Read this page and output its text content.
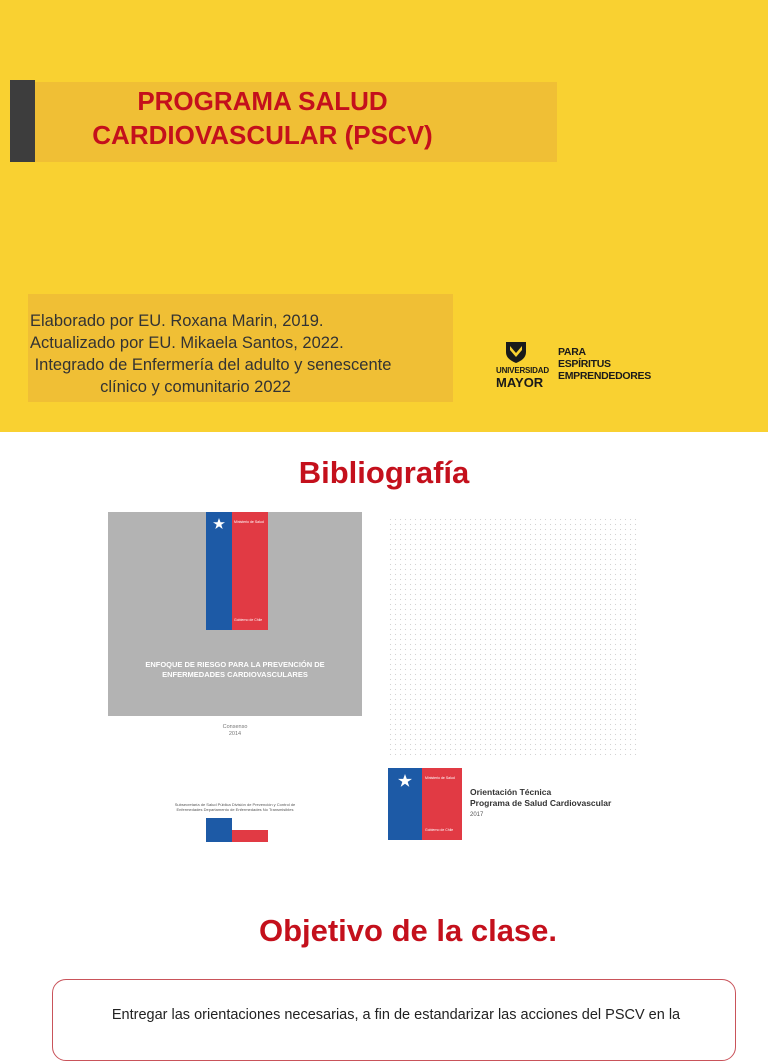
PROGRAMA SALUD
CARDIOVASCULAR (PSCV)
Elaborado por EU. Roxana Marin, 2019.
Actualizado por EU. Mikaela Santos, 2022.
Integrado de Enfermería del adulto y senescente
clínico y comunitario 2022
UNIVERSIDAD
MAYOR
PARA
ESPÍRITUS
EMPRENDEDORES
Bibliografía
Ministerio de Salud
Gobierno de Chile
ENFOQUE DE RIESGO PARA LA PREVENCIÓN DE ENFERMEDADES CARDIOVASCULARES
Consenso
2014
Subsecretaría de Salud Pública División de Prevención y Control de Enfermedades Departamento de Enfermedades No Transmisibles
Ministerio de Salud
Gobierno de Chile
Orientación Técnica
Programa de Salud Cardiovascular
2017
Objetivo de la clase.
Entregar las orientaciones necesarias, a fin de estandarizar las acciones del PSCV en la
